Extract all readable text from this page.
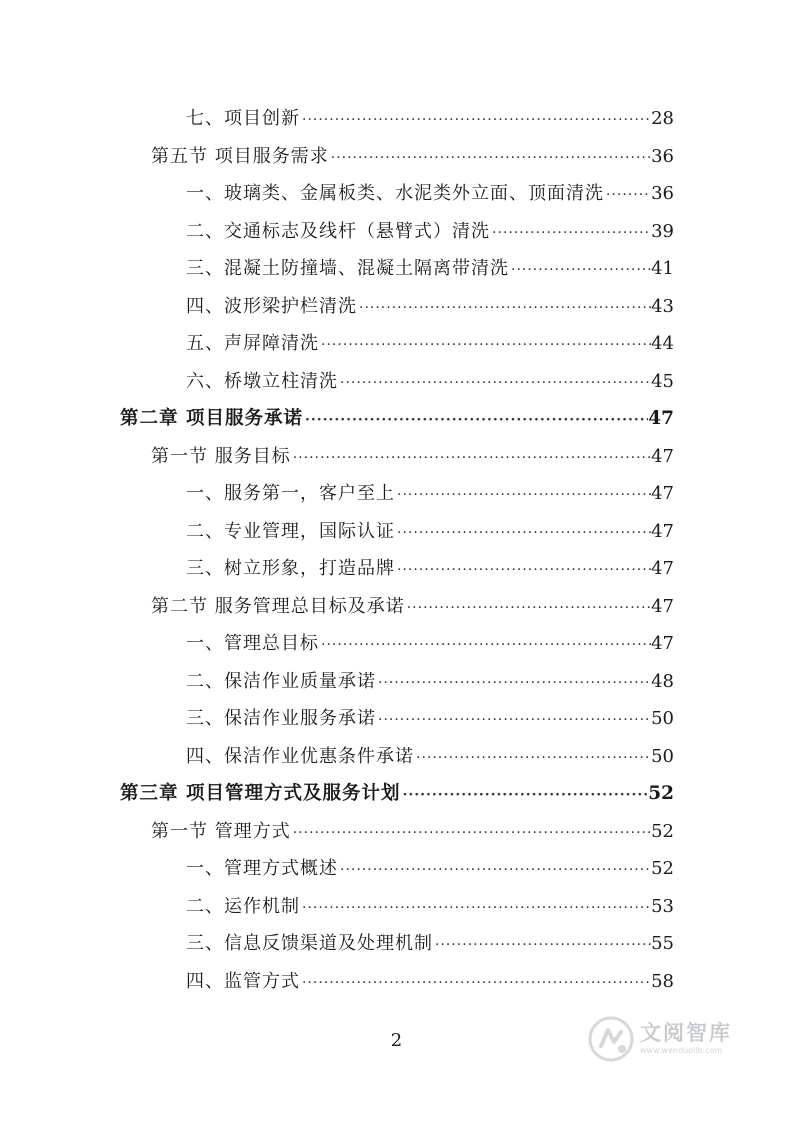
七、项目创新 ·····	28
第五节 项目服务需求 ·····	36
一、玻璃类、金属板类、水泥类外立面、顶面清洗 ·····	36
二、交通标志及线杆（悬臂式）清洗 ·····	39
三、混凝土防撞墙、混凝土隔离带清洗 ·····	41
四、波形梁护栏清洗 ·····	43
五、声屏障清洗 ·····	44
六、桥墩立柱清洗 ·····	45
第二章 项目服务承诺 ·····	47
第一节 服务目标 ·····	47
一、服务第一，客户至上 ·····	47
二、专业管理，国际认证 ·····	47
三、树立形象，打造品牌 ·····	47
第二节 服务管理总目标及承诺 ·····	47
一、管理总目标 ·····	47
二、保洁作业质量承诺 ·····	48
三、保洁作业服务承诺 ·····	50
四、保洁作业优惠条件承诺 ·····	50
第三章 项目管理方式及服务计划 ·····	52
第一节 管理方式 ·····	52
一、管理方式概述 ·····	52
二、运作机制 ·····	53
三、信息反馈渠道及处理机制 ·····	55
四、监管方式 ·····	58
2	文阅智库
www.wenduolib.com
